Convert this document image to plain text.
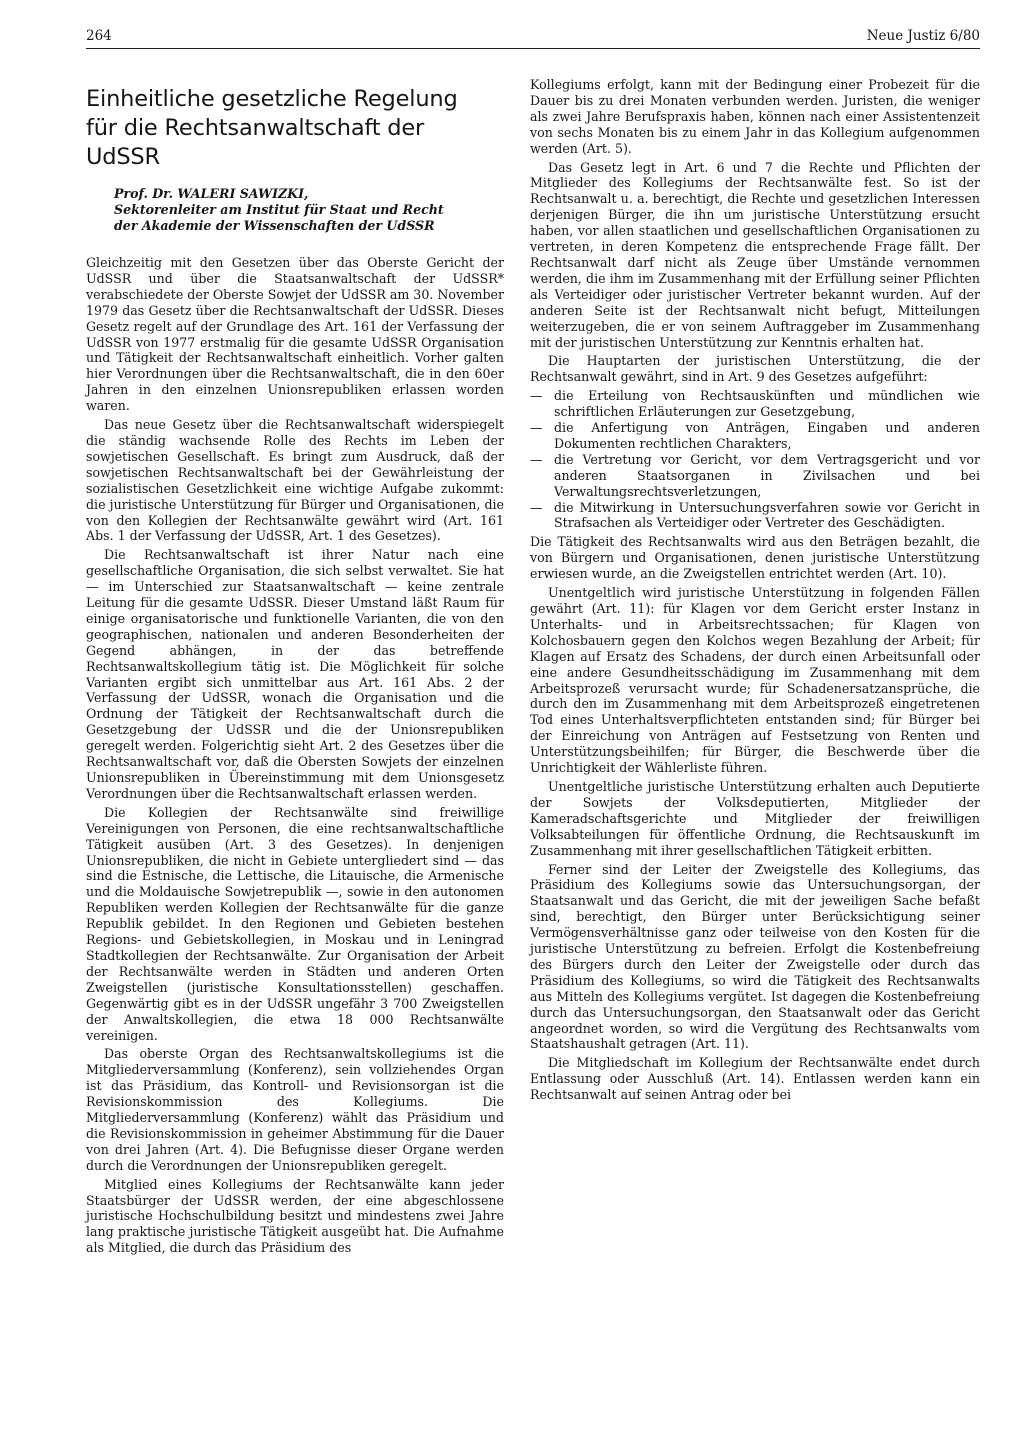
264	Neue Justiz 6/80
Einheitliche gesetzliche Regelung
für die Rechtsanwaltschaft der UdSSR
Prof. Dr. WALERI SAWIZKI,
Sektorenleiter am Institut für Staat und Recht
der Akademie der Wissenschaften der UdSSR

Gleichzeitig mit den Gesetzen über das Oberste Gericht der UdSSR und über die Staatsanwaltschaft der UdSSR* verabschiedete der Oberste Sowjet der UdSSR am 30. November 1979 das Gesetz über die Rechtsanwaltschaft der UdSSR. Dieses Gesetz regelt auf der Grundlage des Art. 161 der Verfassung der UdSSR von 1977 erstmalig für die gesamte UdSSR Organisation und Tätigkeit der Rechtsanwaltschaft einheitlich. Vorher galten hier Verordnungen über die Rechtsanwaltschaft, die in den 60er Jahren in den einzelnen Unionsrepubliken erlassen worden waren.

Das neue Gesetz über die Rechtsanwaltschaft widerspiegelt die ständig wachsende Rolle des Rechts im Leben der sowjetischen Gesellschaft. Es bringt zum Ausdruck, daß der sowjetischen Rechtsanwaltschaft bei der Gewährleistung der sozialistischen Gesetzlichkeit eine wichtige Aufgabe zukommt: die juristische Unterstützung für Bürger und Organisationen, die von den Kollegien der Rechtsanwälte gewährt wird (Art. 161 Abs. 1 der Verfassung der UdSSR, Art. 1 des Gesetzes).

Die Rechtsanwaltschaft ist ihrer Natur nach eine gesellschaftliche Organisation, die sich selbst verwaltet. Sie hat — im Unterschied zur Staatsanwaltschaft — keine zentrale Leitung für die gesamte UdSSR. Dieser Umstand läßt Raum für einige organisatorische und funktionelle Varianten, die von den geographischen, nationalen und anderen Besonderheiten der Gegend abhängen, in der das betreffende Rechtsanwaltskollegium tätig ist. Die Möglichkeit für solche Varianten ergibt sich unmittelbar aus Art. 161 Abs. 2 der Verfassung der UdSSR, wonach die Organisation und die Ordnung der Tätigkeit der Rechtsanwaltschaft durch die Gesetzgebung der UdSSR und die der Unionsrepubliken geregelt werden. Folgerichtig sieht Art. 2 des Gesetzes über die Rechtsanwaltschaft vor, daß die Obersten Sowjets der einzelnen Unionsrepubliken in Übereinstimmung mit dem Unionsgesetz Verordnungen über die Rechtsanwaltschaft erlassen werden.

Die Kollegien der Rechtsanwälte sind freiwillige Vereinigungen von Personen, die eine rechtsanwaltschaftliche Tätigkeit ausüben (Art. 3 des Gesetzes). In denjenigen Unionsrepubliken, die nicht in Gebiete untergliedert sind — das sind die Estnische, die Lettische, die Litauische, die Armenische und die Moldauische Sowjetrepublik —, sowie in den autonomen Republiken werden Kollegien der Rechtsanwälte für die ganze Republik gebildet. In den Regionen und Gebieten bestehen Regions- und Gebietskollegien, in Moskau und in Leningrad Stadtkollegien der Rechtsanwälte. Zur Organisation der Arbeit der Rechtsanwälte werden in Städten und anderen Orten Zweigstellen (juristische Konsultationsstellen) geschaffen. Gegenwärtig gibt es in der UdSSR ungefähr 3 700 Zweigstellen der Anwaltskollegien, die etwa 18 000 Rechtsanwälte vereinigen.

Das oberste Organ des Rechtsanwaltskollegiums ist die Mitgliederversammlung (Konferenz), sein vollziehendes Organ ist das Präsidium, das Kontroll- und Revisionsorgan ist die Revisionskommission des Kollegiums. Die Mitgliederversammlung (Konferenz) wählt das Präsidium und die Revisionskommission in geheimer Abstimmung für die Dauer von drei Jahren (Art. 4). Die Befugnisse dieser Organe werden durch die Verordnungen der Unionsrepubliken geregelt.

Mitglied eines Kollegiums der Rechtsanwälte kann jeder Staatsbürger der UdSSR werden, der eine abgeschlossene juristische Hochschulbildung besitzt und mindestens zwei Jahre lang praktische juristische Tätigkeit ausgeübt hat. Die Aufnahme als Mitglied, die durch das Präsidium des

Kollegiums erfolgt, kann mit der Bedingung einer Probezeit für die Dauer bis zu drei Monaten verbunden werden. Juristen, die weniger als zwei Jahre Berufspraxis haben, können nach einer Assistentenzeit von sechs Monaten bis zu einem Jahr in das Kollegium aufgenommen werden (Art. 5).

Das Gesetz legt in Art. 6 und 7 die Rechte und Pflichten der Mitglieder des Kollegiums der Rechtsanwälte fest. So ist der Rechtsanwalt u. a. berechtigt, die Rechte und gesetzlichen Interessen derjenigen Bürger, die ihn um juristische Unterstützung ersucht haben, vor allen staatlichen und gesellschaftlichen Organisationen zu vertreten, in deren Kompetenz die entsprechende Frage fällt. Der Rechtsanwalt darf nicht als Zeuge über Umstände vernommen werden, die ihm im Zusammenhang mit der Erfüllung seiner Pflichten als Verteidiger oder juristischer Vertreter bekannt wurden. Auf der anderen Seite ist der Rechtsanwalt nicht befugt, Mitteilungen weiterzugeben, die er von seinem Auftraggeber im Zusammenhang mit der juristischen Unterstützung zur Kenntnis erhalten hat.

Die Hauptarten der juristischen Unterstützung, die der Rechtsanwalt gewährt, sind in Art. 9 des Gesetzes aufgeführt:

— die Erteilung von Rechtsauskünften und mündlichen wie schriftlichen Erläuterungen zur Gesetzgebung,
— die Anfertigung von Anträgen, Eingaben und anderen Dokumenten rechtlichen Charakters,
— die Vertretung vor Gericht, vor dem Vertragsgericht und vor anderen Staatsorganen in Zivilsachen und bei Verwaltungsrechtsverletzungen,
— die Mitwirkung in Untersuchungsverfahren sowie vor Gericht in Strafsachen als Verteidiger oder Vertreter des Geschädigten.

Die Tätigkeit des Rechtsanwalts wird aus den Beträgen bezahlt, die von Bürgern und Organisationen, denen juristische Unterstützung erwiesen wurde, an die Zweigstellen entrichtet werden (Art. 10).

Unentgeltlich wird juristische Unterstützung in folgenden Fällen gewährt (Art. 11): für Klagen vor dem Gericht erster Instanz in Unterhalts- und in Arbeitsrechtssachen; für Klagen von Kolchosbauern gegen den Kolchos wegen Bezahlung der Arbeit; für Klagen auf Ersatz des Schadens, der durch einen Arbeitsunfall oder eine andere Gesundheitsschädigung im Zusammenhang mit dem Arbeitsprozeß verursacht wurde; für Schadenersatzansprüche, die durch den im Zusammenhang mit dem Arbeitsprozeß eingetretenen Tod eines Unterhaltsverpflichteten entstanden sind; für Bürger bei der Einreichung von Anträgen auf Festsetzung von Renten und Unterstützungsbeihilfen; für Bürger, die Beschwerde über die Unrichtigkeit der Wählerliste führen.

Unentgeltliche juristische Unterstützung erhalten auch Deputierte der Sowjets der Volksdeputierten, Mitglieder der Kameradschaftsgerichte und Mitglieder der freiwilligen Volksabteilungen für öffentliche Ordnung, die Rechtsauskunft im Zusammenhang mit ihrer gesellschaftlichen Tätigkeit erbitten.

Ferner sind der Leiter der Zweigstelle des Kollegiums, das Präsidium des Kollegiums sowie das Untersuchungsorgan, der Staatsanwalt und das Gericht, die mit der jeweiligen Sache befaßt sind, berechtigt, den Bürger unter Berücksichtigung seiner Vermögensverhältnisse ganz oder teilweise von den Kosten für die juristische Unterstützung zu befreien. Erfolgt die Kostenbefreiung des Bürgers durch den Leiter der Zweigstelle oder durch das Präsidium des Kollegiums, so wird die Tätigkeit des Rechtsanwalts aus Mitteln des Kollegiums vergütet. Ist dagegen die Kostenbefreiung durch das Untersuchungsorgan, den Staatsanwalt oder das Gericht angeordnet worden, so wird die Vergütung des Rechtsanwalts vom Staatshaushalt getragen (Art. 11).

Die Mitgliedschaft im Kollegium der Rechtsanwälte endet durch Entlassung oder Ausschluß (Art. 14). Entlassen werden kann ein Rechtsanwalt auf seinen Antrag oder bei
